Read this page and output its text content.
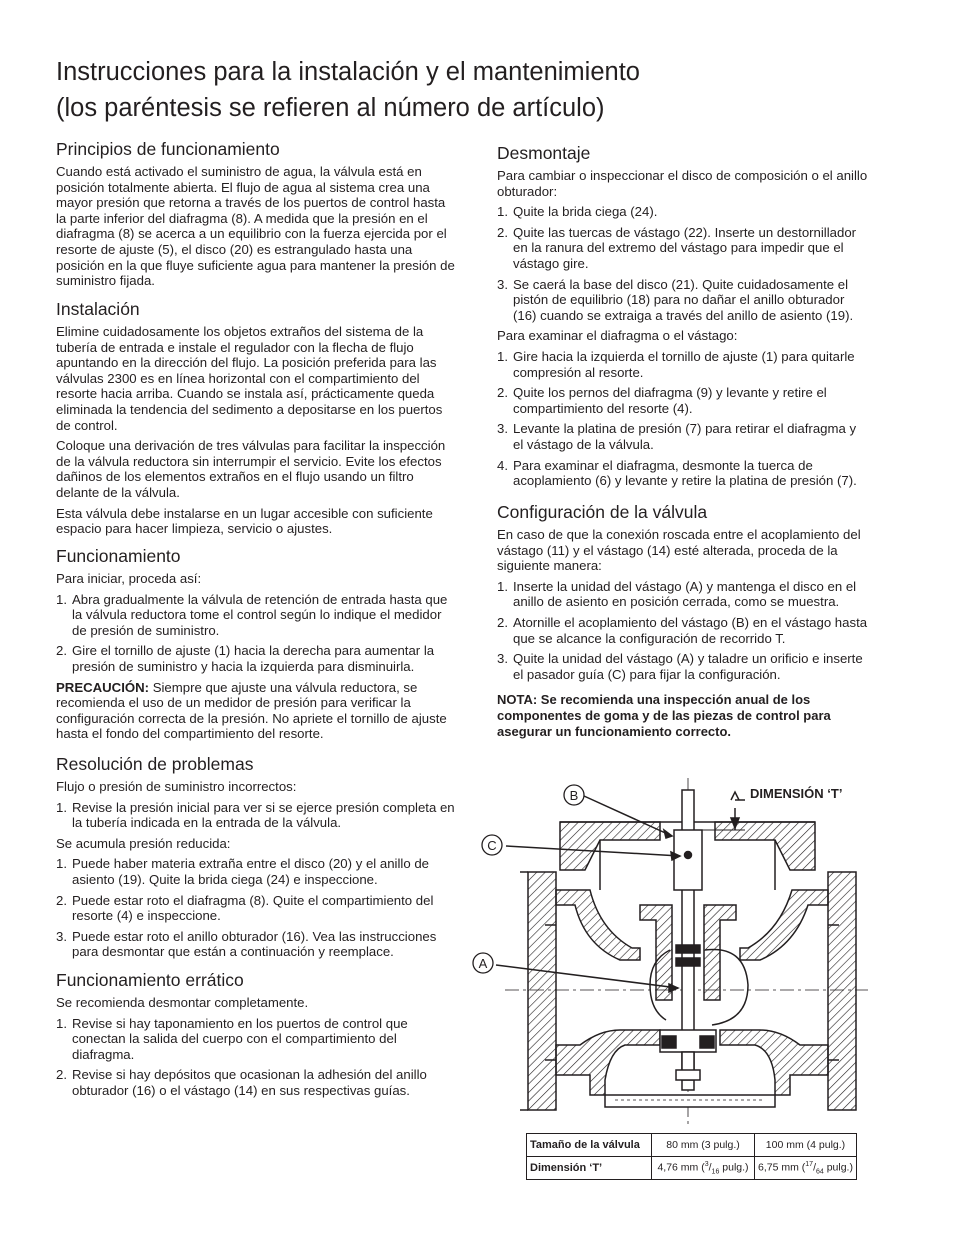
Instrucciones para la instalación y el mantenimiento
(los paréntesis se refieren al número de artículo)
Principios de funcionamiento

Cuando está activado el suministro de agua, la válvula está en posición totalmente abierta. El flujo de agua al sistema crea una mayor presión que retorna a través de los puertos de control hasta la parte inferior del diafragma (8). A medida que la presión en el diafragma (8) se acerca a un equilibrio con la fuerza ejercida por el resorte de ajuste (5), el disco (20) es estrangulado hasta una posición en la que fluye suficiente agua para mantener la presión de suministro fijada.

Instalación

Elimine cuidadosamente los objetos extraños del sistema de la tubería de entrada e instale el regulador con la flecha de flujo apuntando en la dirección del flujo. La posición preferida para las válvulas 2300 es en línea horizontal con el compartimiento del resorte hacia arriba. Cuando se instala así, prácticamente queda eliminada la tendencia del sedimento a depositarse en los puertos de control.

Coloque una derivación de tres válvulas para facilitar la inspección de la válvula reductora sin interrumpir el servicio. Evite los efectos dañinos de los elementos extraños en el flujo usando un filtro delante de la válvula.

Esta válvula debe instalarse en un lugar accesible con suficiente espacio para hacer limpieza, servicio o ajustes.

Funcionamiento

Para iniciar, proceda así:

1. Abra gradualmente la válvula de retención de entrada hasta que la válvula reductora tome el control según lo indique el medidor de presión de suministro.
2. Gire el tornillo de ajuste (1) hacia la derecha para aumentar la presión de suministro y hacia la izquierda para disminuirla.

PRECAUCIÓN: Siempre que ajuste una válvula reductora, se recomienda el uso de un medidor de presión para verificar la configuración correcta de la presión. No apriete el tornillo de ajuste hasta el fondo del compartimiento del resorte.

Resolución de problemas

Flujo o presión de suministro incorrectos:

1. Revise la presión inicial para ver si se ejerce presión completa en la tubería indicada en la entrada de la válvula.

Se acumula presión reducida:

1. Puede haber materia extraña entre el disco (20) y el anillo de asiento (19). Quite la brida ciega (24) e inspeccione.
2. Puede estar roto el diafragma (8). Quite el compartimiento del resorte (4) e inspeccione.
3. Puede estar roto el anillo obturador (16). Vea las instrucciones para desmontar que están a continuación y reemplace.
Funcionamiento errático

Se recomienda desmontar completamente.

1. Revise si hay taponamiento en los puertos de control que conectan la salida del cuerpo con el compartimiento del diafragma.
2. Revise si hay depósitos que ocasionan la adhesión del anillo obturador (16) o el vástago (14) en sus respectivas guías.
Desmontaje

Para cambiar o inspeccionar el disco de composición o el anillo obturador:

1. Quite la brida ciega (24).
2. Quite las tuercas de vástago (22). Inserte un destornillador en la ranura del extremo del vástago para impedir que el vástago gire.
3. Se caerá la base del disco (21). Quite cuidadosamente el pistón de equilibrio (18) para no dañar el anillo obturador (16) cuando se extraiga a través del anillo de asiento (19).

Para examinar el diafragma o el vástago:

1. Gire hacia la izquierda el tornillo de ajuste (1) para quitarle compresión al resorte.
2. Quite los pernos del diafragma (9) y levante y retire el compartimiento del resorte (4).
3. Levante la platina de presión (7) para retirar el diafragma y el vástago de la válvula.
4. Para examinar el diafragma, desmonte la tuerca de acoplamiento (6) y levante y retire la platina de presión (7).
Configuración de la válvula

En caso de que la conexión roscada entre el acoplamiento del vástago (11) y el vástago (14) esté alterada, proceda de la siguiente manera:

1. Inserte la unidad del vástago (A) y mantenga el disco en el anillo de asiento en posición cerrada, como se muestra.
2. Atornille el acoplamiento del vástago (B) en el vástago hasta que se alcance la configuración de recorrido T.
3. Quite la unidad del vástago (A) y taladre un orificio e inserte el pasador guía (C) para fijar la configuración.

NOTA: Se recomienda una inspección anual de los componentes de goma y de las piezas de control para asegurar un funcionamiento correcto.

B
C
A
DIMENSIÓN ‘T’
Tamaño de la válvula	80 mm (3 pulg.)	100 mm (4 pulg.)
Dimensión ‘T’	4,76 mm ($^3/_{16}$ pulg.)	6,75 mm ($^{17}/_{64}$ pulg.)
